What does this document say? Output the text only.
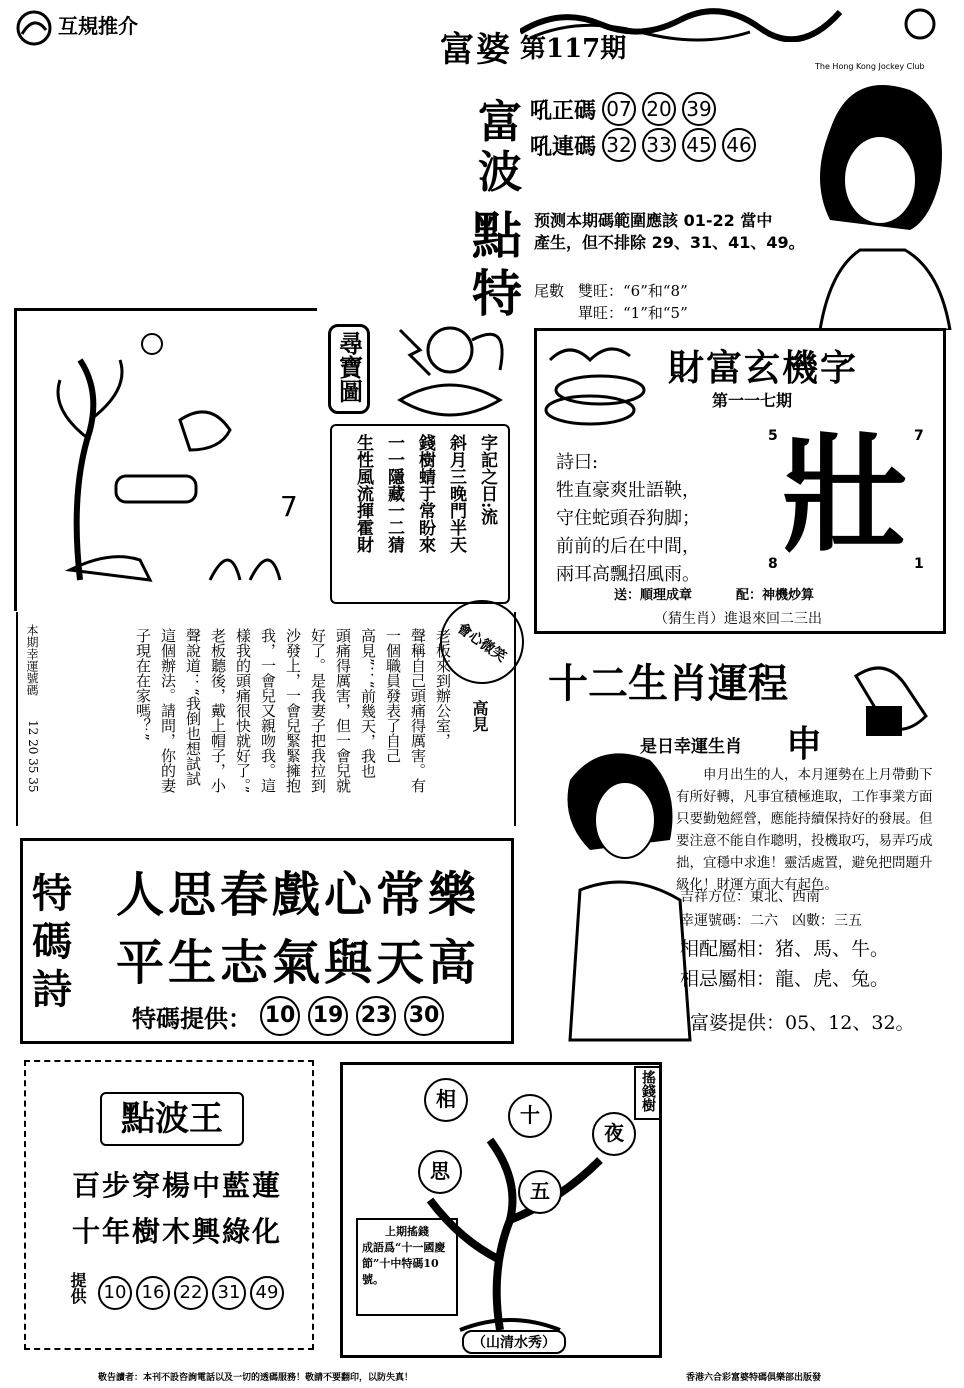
互規推介
富婆 第117期
The Hong Kong Jockey Club
富
波
點
特
吼正碼 07 20 39
吼連碼 32 33 45 46
预测本期碼範圍應該 01-22 當中
產生，但不排除 29、31、41、49。
尾數 雙旺：“6”和“8”
單旺：“1”和“5”
7
尋寶圖
字記之日:流
斜月三晚門半天
錢樹蜻于常盼來
一一隱藏一二猜
生性風流揮霍財
財富玄機字
第一一七期
詩曰:
牲直豪爽壯語鞅，
守住蛇頭吞狗脚；
前前的后在中間，
兩耳高飄招風雨。
5	7
8	1
壯
送：順理成章	配：神機炒算
（猜生肖）進退來回二三出
本期幸運號碼
12 20 35 35
會心微笑
高見
老板來到辦公室，
聲稱自己頭痛得厲害。有
一個職員發表了自己
高見”：“前幾天，我也
頭痛得厲害，但一會兒就
好了。是我妻子把我拉到
沙發上，一會兒緊緊擁抱
我，一會兒又親吻我。這
樣我的頭痛很快就好了。”
老板聽後，戴上帽子，小
聲說道：“我倒也想試試
這個辦法。請問，你的妻
子現在在家嗎？”	十二生肖運程
是日幸運生肖 申
申月出生的人，本月運勢在上月帶動下有所好轉，凡事宜積極進取，工作事業方面只要勤勉經營，應能持續保持好的發展。但要注意不能自作聰明，投機取巧，易弄巧成拙，宜穩中求進！靈活處置，避免把問題升級化！財運方面大有起色。
吉祥方位：東北、西南
幸運號碼：二六　凶數：三五
相配屬相：猪、馬、牛。
相忌屬相：龍、虎、兔。
富婆提供：05、12、32。
特
碼
詩
人思春戲心常樂
平生志氣與天高
特碼提供： 10 19 23 30
點波王
百步穿楊中藍蓮
十年樹木興綠化
提供 10 16 22 31 49
搖錢樹
相
十
夜
思
五
上期搖錢
成語爲“十一國慶節”十中特碼10號。
（山清水秀）
敬告讀者：本刊不設咨詢電話以及一切的透碼服務！敬請不要翻印，以防失真！	香港六合彩富婆特碼俱樂部出版發
